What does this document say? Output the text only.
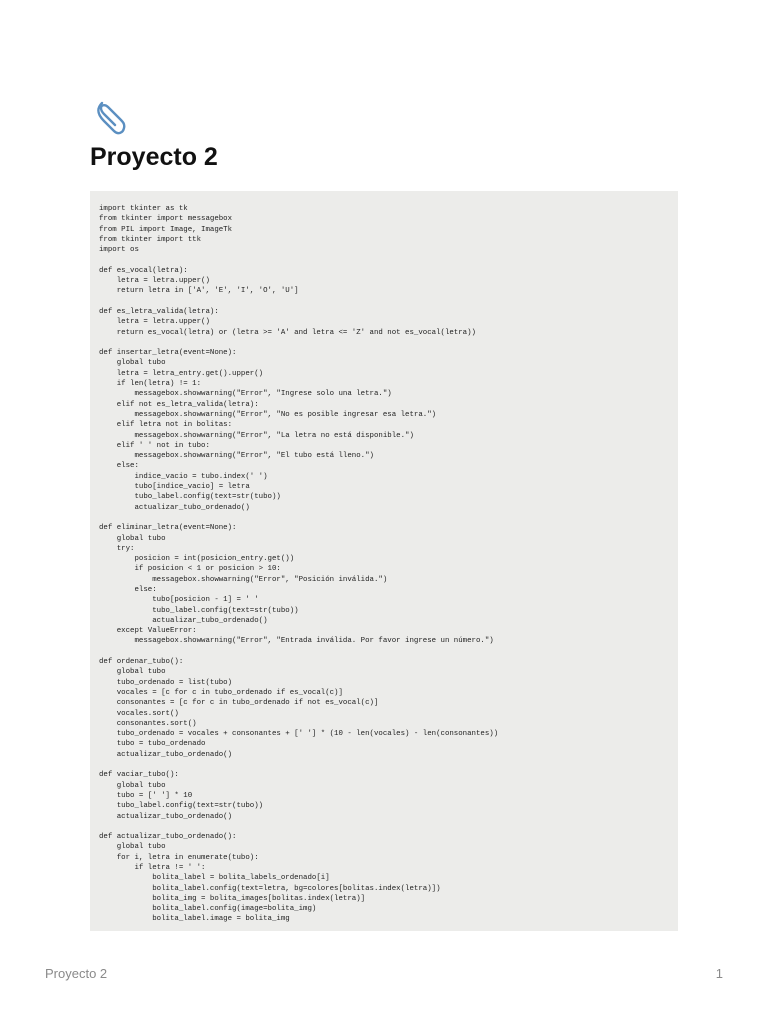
Proyecto 2
import tkinter as tk
from tkinter import messagebox
from PIL import Image, ImageTk
from tkinter import ttk
import os

def es_vocal(letra):
letra = letra.upper()
return letra in ['A', 'E', 'I', 'O', 'U']

def es_letra_valida(letra):
letra = letra.upper()
return es_vocal(letra) or (letra >= 'A' and letra <= 'Z' and not es_vocal(letra))

def insertar_letra(event=None):
global tubo
letra = letra_entry.get().upper()
if len(letra) != 1:
messagebox.showwarning("Error", "Ingrese solo una letra.")
elif not es_letra_valida(letra):
messagebox.showwarning("Error", "No es posible ingresar esa letra.")
elif letra not in bolitas:
messagebox.showwarning("Error", "La letra no está disponible.")
elif ' ' not in tubo:
messagebox.showwarning("Error", "El tubo está lleno.")
else:
indice_vacio = tubo.index(' ')
tubo[indice_vacio] = letra
tubo_label.config(text=str(tubo))
actualizar_tubo_ordenado()

def eliminar_letra(event=None):
global tubo
try:
posicion = int(posicion_entry.get())
if posicion < 1 or posicion > 10:
messagebox.showwarning("Error", "Posición inválida.")
else:
tubo[posicion - 1] = ' '
tubo_label.config(text=str(tubo))
actualizar_tubo_ordenado()
except ValueError:
messagebox.showwarning("Error", "Entrada inválida. Por favor ingrese un número.")

def ordenar_tubo():
global tubo
tubo_ordenado = list(tubo)
vocales = [c for c in tubo_ordenado if es_vocal(c)]
consonantes = [c for c in tubo_ordenado if not es_vocal(c)]
vocales.sort()
consonantes.sort()
tubo_ordenado = vocales + consonantes + [' '] * (10 - len(vocales) - len(consonantes))
tubo = tubo_ordenado
actualizar_tubo_ordenado()

def vaciar_tubo():
global tubo
tubo = [' '] * 10
tubo_label.config(text=str(tubo))
actualizar_tubo_ordenado()

def actualizar_tubo_ordenado():
global tubo
for i, letra in enumerate(tubo):
if letra != ' ':
bolita_label = bolita_labels_ordenado[i]
bolita_label.config(text=letra, bg=colores[bolitas.index(letra)])
bolita_img = bolita_images[bolitas.index(letra)]
bolita_label.config(image=bolita_img)
bolita_label.image = bolita_img
Proyecto 2	1
